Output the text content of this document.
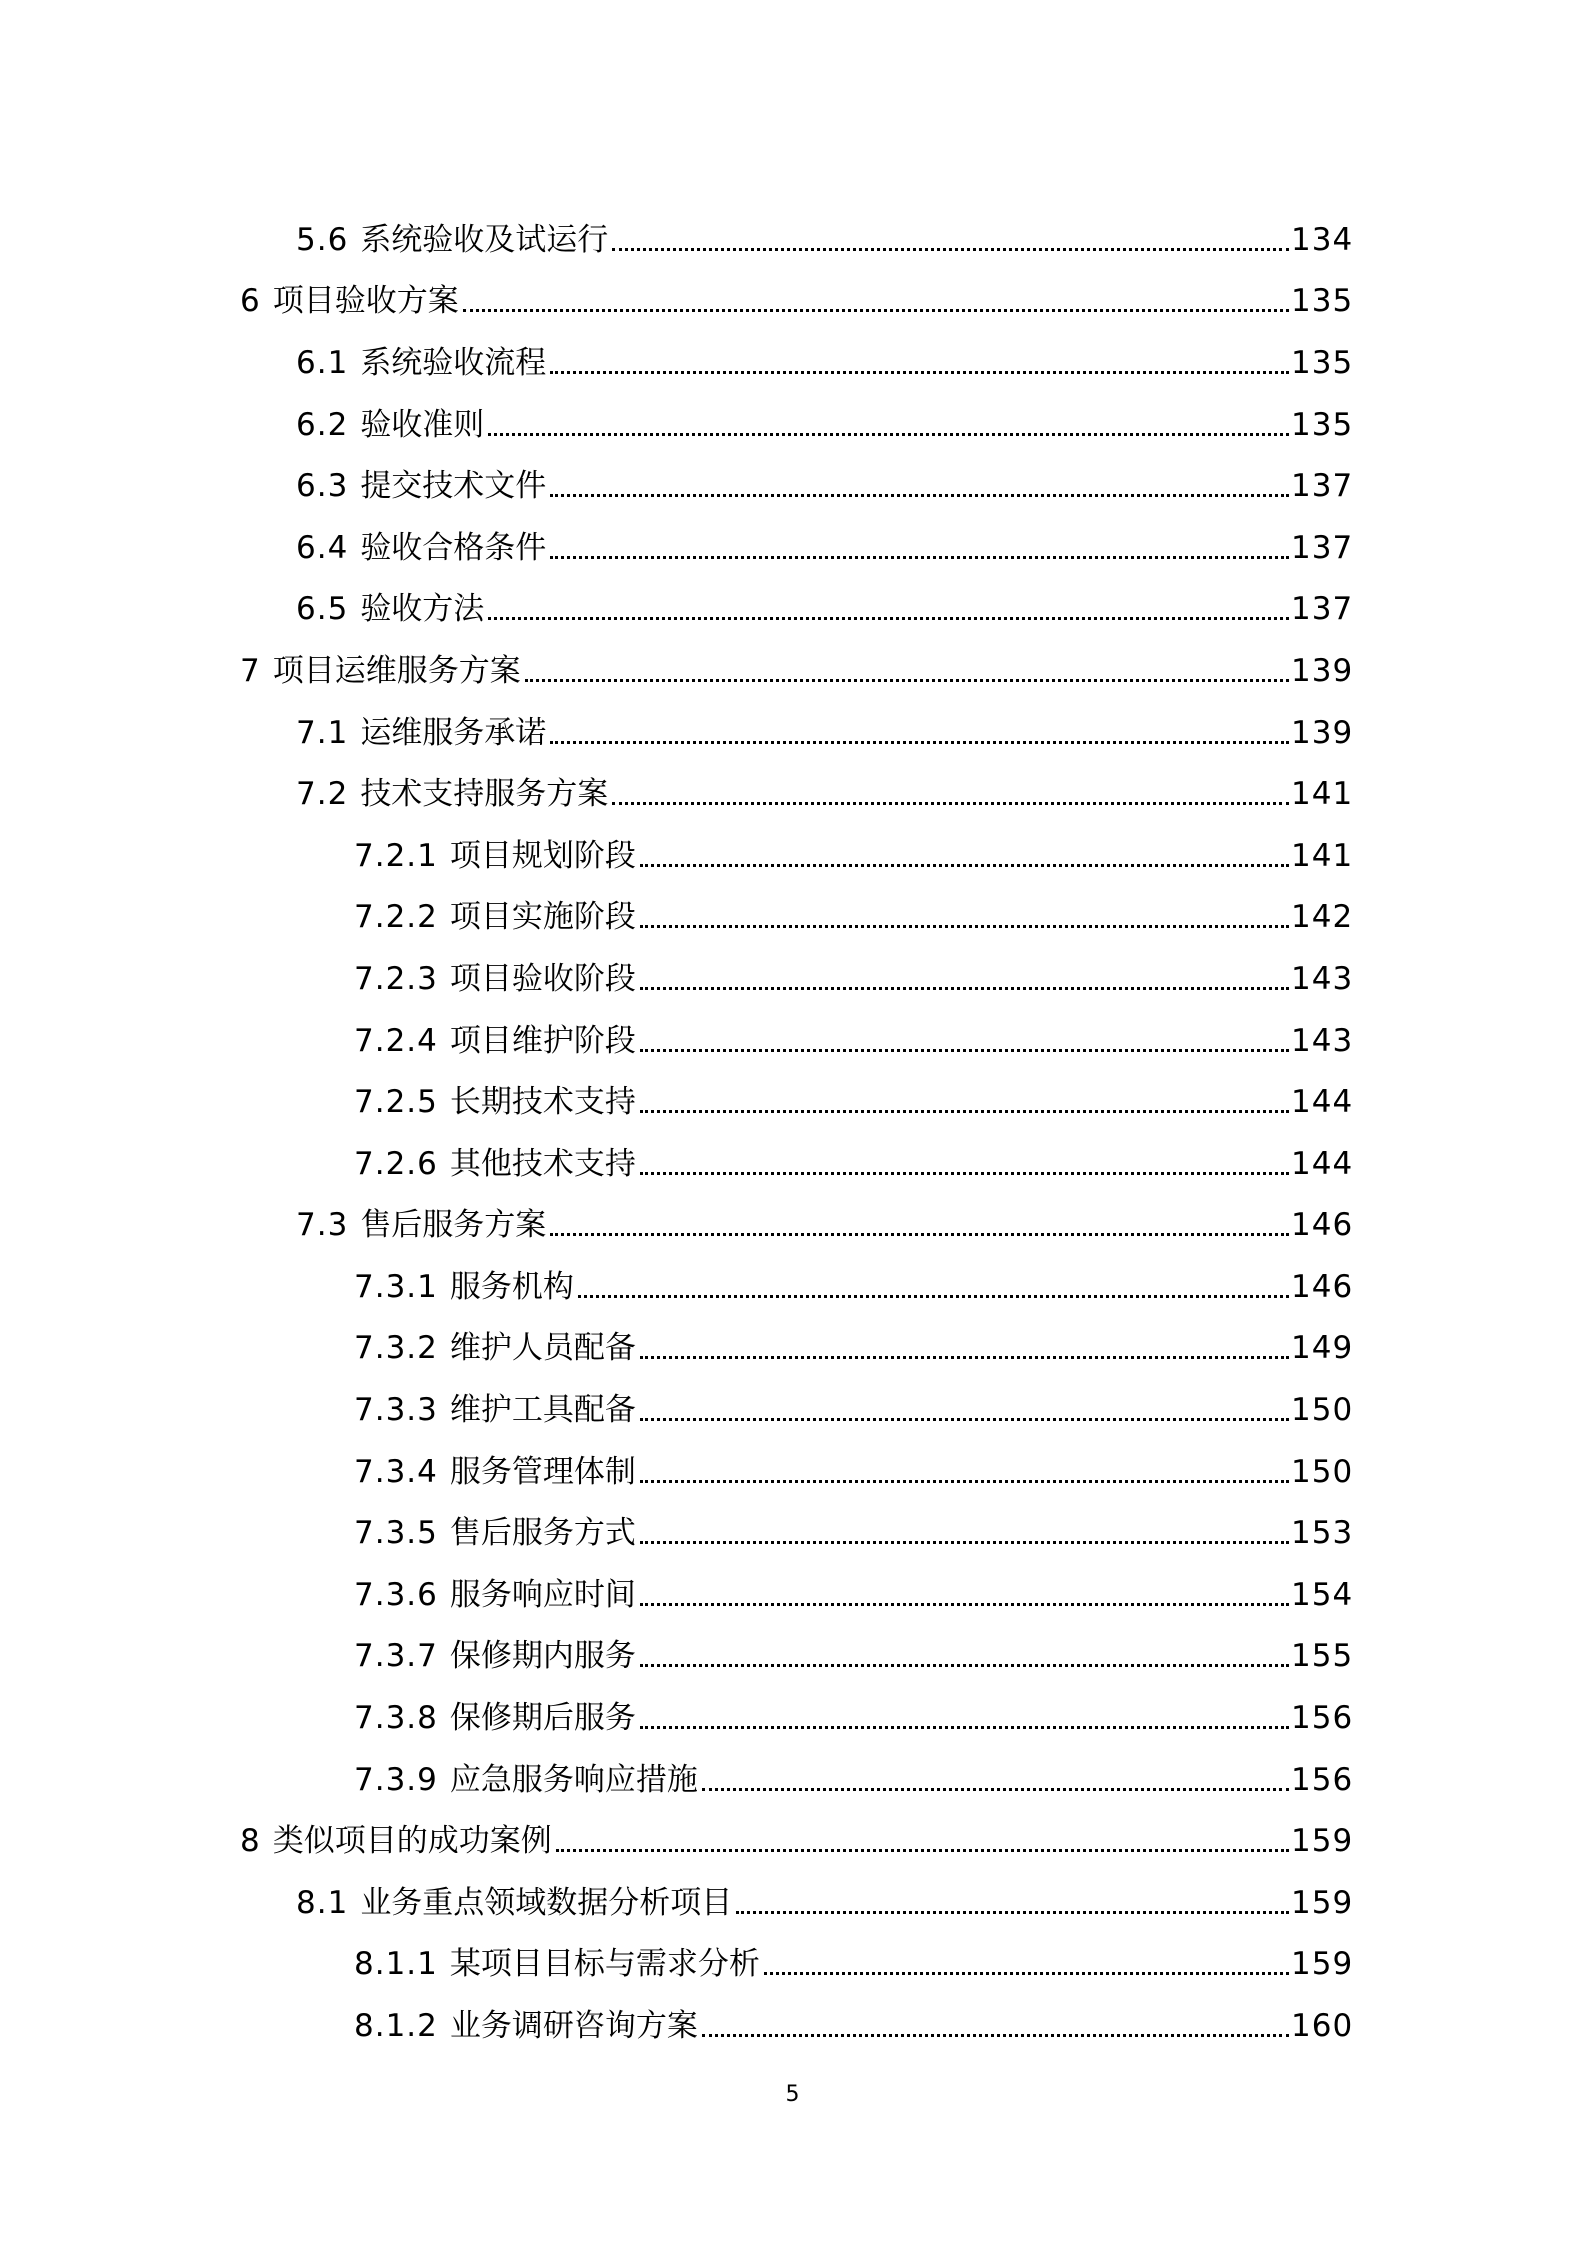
5.6 系统验收及试运行	134
6 项目验收方案	135
6.1 系统验收流程	135
6.2 验收准则	135
6.3 提交技术文件	137
6.4 验收合格条件	137
6.5 验收方法	137
7 项目运维服务方案	139
7.1 运维服务承诺	139
7.2 技术支持服务方案	141
7.2.1 项目规划阶段	141
7.2.2 项目实施阶段	142
7.2.3 项目验收阶段	143
7.2.4 项目维护阶段	143
7.2.5 长期技术支持	144
7.2.6 其他技术支持	144
7.3 售后服务方案	146
7.3.1 服务机构	146
7.3.2 维护人员配备	149
7.3.3 维护工具配备	150
7.3.4 服务管理体制	150
7.3.5 售后服务方式	153
7.3.6 服务响应时间	154
7.3.7 保修期内服务	155
7.3.8 保修期后服务	156
7.3.9 应急服务响应措施	156
8 类似项目的成功案例	159
8.1 业务重点领域数据分析项目	159
8.1.1 某项目目标与需求分析	159
8.1.2 业务调研咨询方案	160
5
